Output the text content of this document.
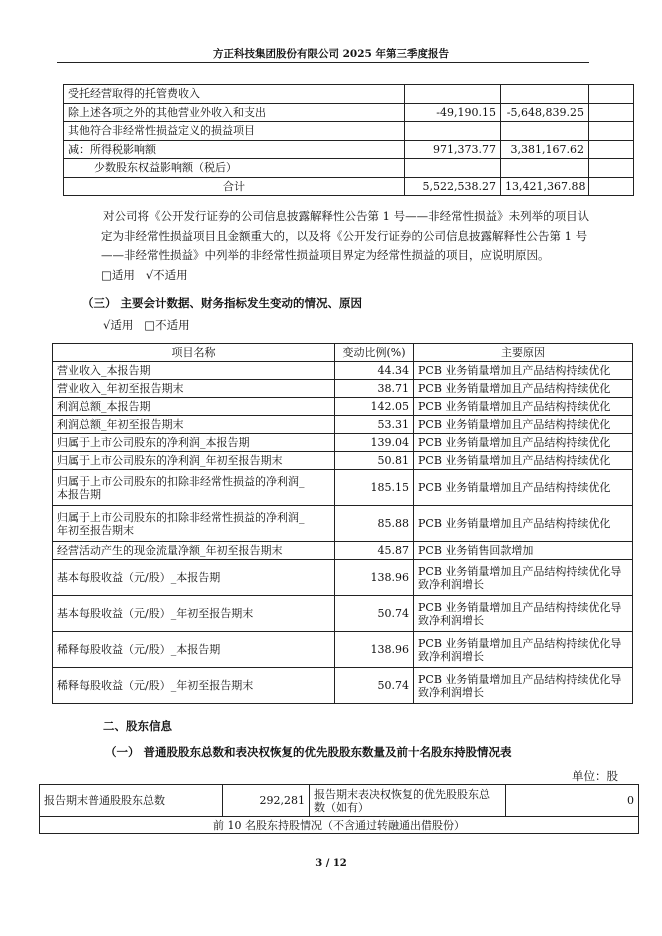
方正科技集团股份有限公司 2025 年第三季度报告
受托经营取得的托管费收入			
除上述各项之外的其他营业外收入和支出	-49,190.15	-5,648,839.25	
其他符合非经常性损益定义的损益项目			
减：所得税影响额	971,373.77	3,381,167.62	
少数股东权益影响额（税后）			
合计	5,522,538.27	13,421,367.88	
对公司将《公开发行证券的公司信息披露解释性公告第 1 号——非经常性损益》未列举的项目认
定为非经常性损益项目且金额重大的，以及将《公开发行证券的公司信息披露解释性公告第 1 号
——非经常性损益》中列举的非经常性损益项目界定为经常性损益的项目，应说明原因。
□适用 √不适用
（三） 主要会计数据、财务指标发生变动的情况、原因
√适用 □不适用
项目名称	变动比例(%)	主要原因

营业收入_本报告期	44.34	PCB 业务销量增加且产品结构持续优化

营业收入_年初至报告期末	38.71	PCB 业务销量增加且产品结构持续优化

利润总额_本报告期	142.05	PCB 业务销量增加且产品结构持续优化

利润总额_年初至报告期末	53.31	PCB 业务销量增加且产品结构持续优化

归属于上市公司股东的净利润_本报告期	139.04	PCB 业务销量增加且产品结构持续优化

归属于上市公司股东的净利润_年初至报告期末	50.81	PCB 业务销量增加且产品结构持续优化

归属于上市公司股东的扣除非经常性损益的净利润_
本报告期	185.15	PCB 业务销量增加且产品结构持续优化

归属于上市公司股东的扣除非经常性损益的净利润_
年初至报告期末	85.88	PCB 业务销量增加且产品结构持续优化

经营活动产生的现金流量净额_年初至报告期末	45.87	PCB 业务销售回款增加

基本每股收益（元/股）_本报告期	138.96	PCB 业务销量增加且产品结构持续优化导
致净利润增长

基本每股收益（元/股）_年初至报告期末	50.74	PCB 业务销量增加且产品结构持续优化导
致净利润增长

稀释每股收益（元/股）_本报告期	138.96	PCB 业务销量增加且产品结构持续优化导
致净利润增长

稀释每股收益（元/股）_年初至报告期末	50.74	PCB 业务销量增加且产品结构持续优化导
致净利润增长
二、股东信息
（一） 普通股股东总数和表决权恢复的优先股股东数量及前十名股东持股情况表
单位：股
报告期末普通股股东总数	292,281	报告期末表决权恢复的优先股股东总
数（如有）	0
前 10 名股东持股情况（不含通过转融通出借股份）
3 / 12
